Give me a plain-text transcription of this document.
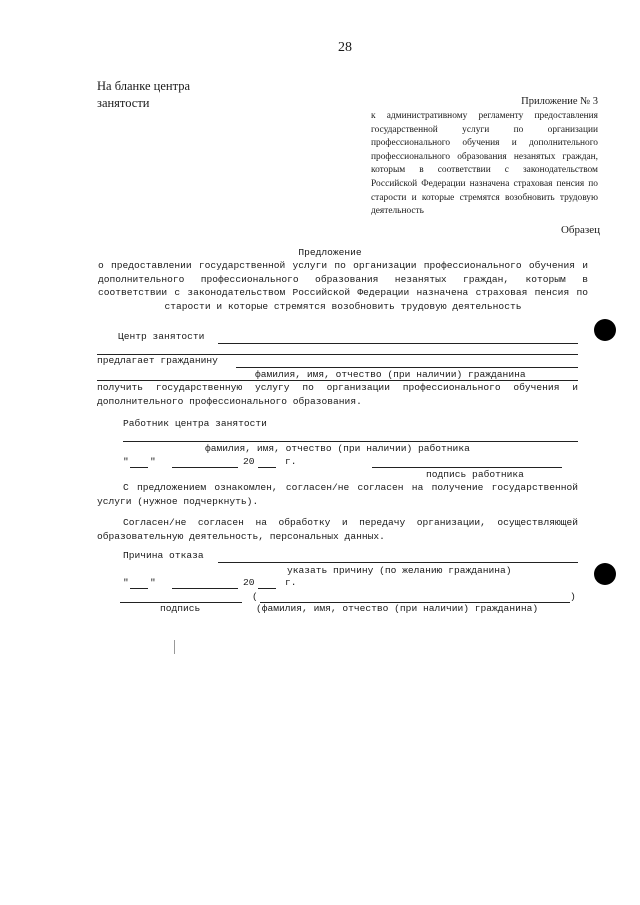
28
На бланке центра
занятости	Приложение № 3

к административному регламенту предоставления государственной услуги по организации профессионального обучения и дополнительного профессионального образования незанятых граждан, которым в соответствии с законодательством Российской Федерации назначена страховая пенсия по старости и которые стремятся возобновить трудовую деятельность

Образец
Предложение

о предоставлении государственной услуги по организации профессионального обучения и дополнительного профессионального образования незанятых граждан, которым в соответствии с законодательством Российской Федерации назначена страховая пенсия по старости и которые стремятся возобновить трудовую деятельность

Центр занятости
предлагает гражданину
фамилия, имя, отчество (при наличии) гражданина

получить государственную услугу по организации профессионального обучения и дополнительного профессионального образования.

Работник центра занятости
фамилия, имя, отчество (при наличии) работника
" "	20	г.
подпись работника

С предложением ознакомлен, согласен/не согласен на получение государственной услуги (нужное подчеркнуть).

Согласен/не согласен на обработку и передачу организации, осуществляющей образовательную деятельность, персональных данных.

Причина отказа
указать причину (по желанию гражданина)
" "	20	г.
(	)
подпись	(фамилия, имя, отчество (при наличии) гражданина)
